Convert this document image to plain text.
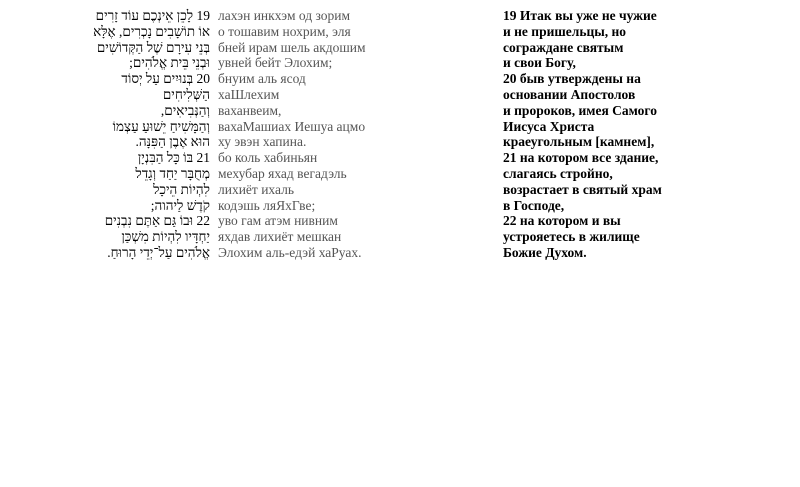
19 לָכֵן אֵינְכֶם עוֹד זָרִים
אוֹ תוֹשָׁבִים נָכְרִים, אֶלָּא
בְּנֵי עִירָם שֶׁל הַקְּדוֹשִׁים
וּבְנֵי בֵּית אֱלֹהִים;
20 בְּנוּיִים עַל יְסוֹד
הַשְּׁלִיחִים
וְהַנְּבִיאִים,
וְהַמָּשִׁיחַ יֵשׁוּעַ עַצְמוֹ
הוּא אֶבֶן הַפִּנָּה.
21 בּוֹ כָּל הַבִּנְיָן
מְחֻבָּר יַחַד וְגָדֵל
לִהְיוֹת הֵיכָל
קֹדֶשׁ לַיהוה;
22 וּבוֹ גַּם אַתֶּם נִבְנִים
יַחְדָּיו לִהְיוֹת מִשְׁכַּן
אֱלֹהִים עַל־יְדֵי הָרוּחַ.
лахэн инкхэм од зорим
о тошавим нохрим, эля
бней ирам шель акдошим
увней бейт Элохим;
бнуим аль ясод
хаШлехим
ваханвеим,
вахаМашиах Иешуа ацмо
ху эвэн хапина.
бо коль хабиньян
мехубар яхад вегадэль
лихиёт ихаль
кодэшь ляЯхГве;
уво гам атэм нивним
яхдав лихиёт мешкан
Элохим аль-едэй хаРуах.
19 Итак вы уже не чужие
и не пришельцы, но
сограждане святым
и свои Богу,
20 быв утверждены на
основании Апостолов
и пророков, имея Самого
Иисуса Христа
краеугольным [камнем],
21 на котором все здание,
слагаясь стройно,
возрастает в святый храм
в Господе,
22 на котором и вы
устрояетесь в жилище
Божие Духом.
